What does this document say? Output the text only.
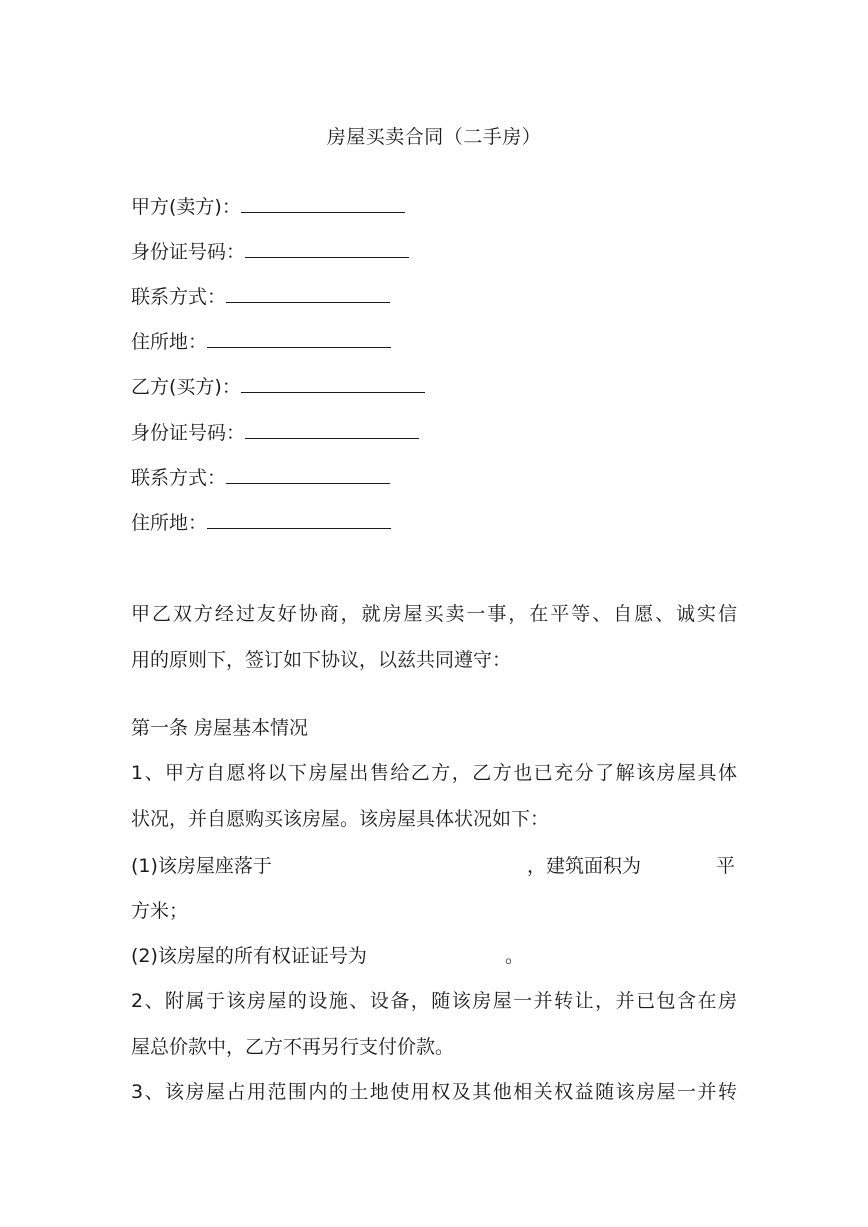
房屋买卖合同（二手房）
甲方(卖方)：
身份证号码：
联系方式：
住所地：
乙方(买方)：
身份证号码：
联系方式：
住所地：
甲乙双方经过友好协商，就房屋买卖一事，在平等、自愿、诚实信
用的原则下，签订如下协议，以兹共同遵守：
第一条 房屋基本情况
1、甲方自愿将以下房屋出售给乙方，乙方也已充分了解该房屋具体
状况，并自愿购买该房屋。该房屋具体状况如下：
(1)该房屋座落于	，建筑面积为	平
方米；
(2)该房屋的所有权证证号为	。
2、附属于该房屋的设施、设备，随该房屋一并转让，并已包含在房
屋总价款中，乙方不再另行支付价款。
3、该房屋占用范围内的土地使用权及其他相关权益随该房屋一并转
